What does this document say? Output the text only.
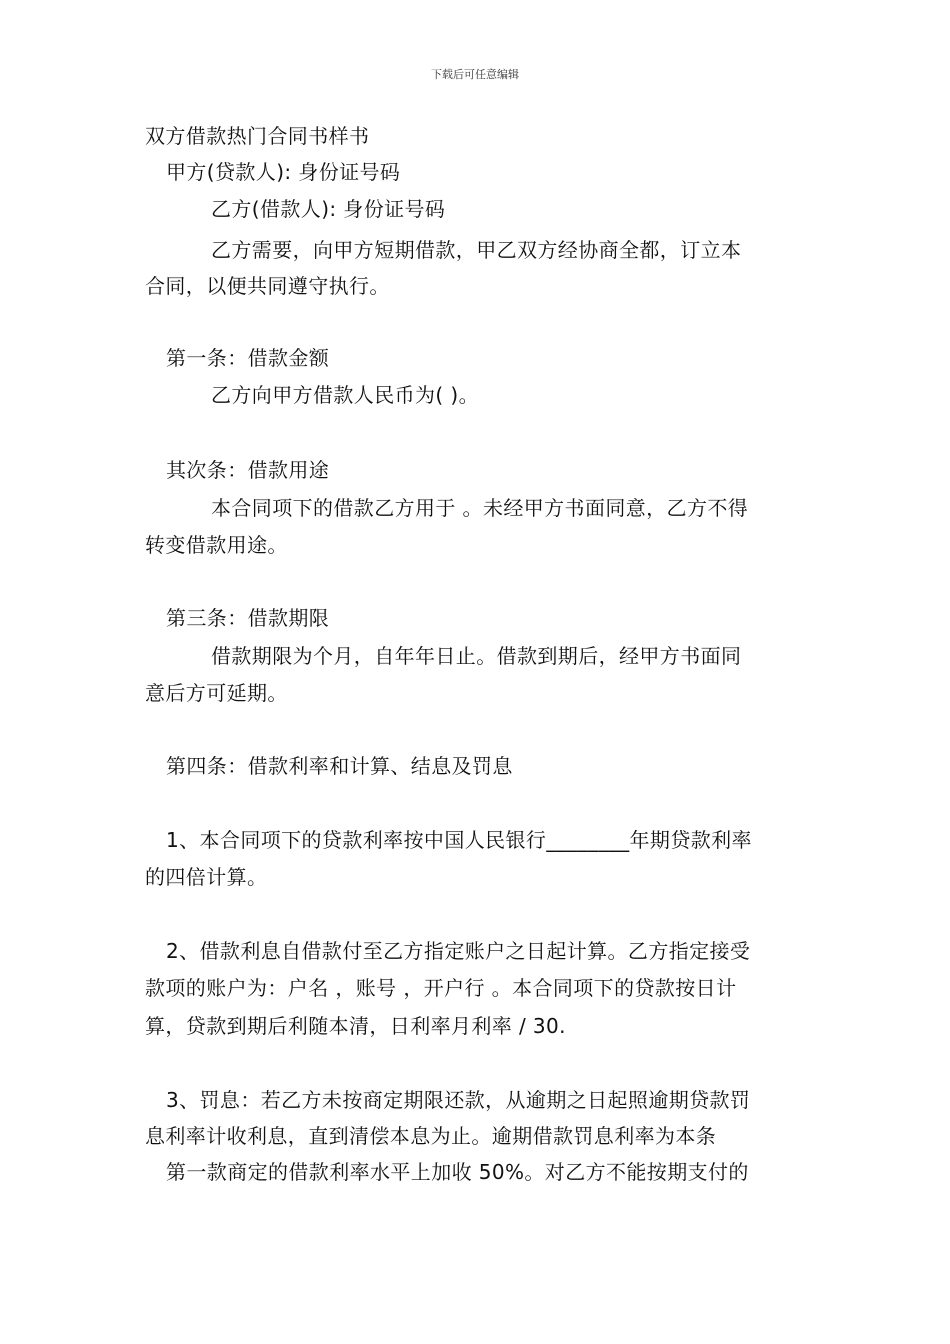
下载后可任意编辑
双方借款热门合同书样书
甲方(贷款人): 身份证号码
乙方(借款人): 身份证号码
乙方需要，向甲方短期借款，甲乙双方经协商全都，订立本
合同，以便共同遵守执行。
第一条：借款金额
乙方向甲方借款人民币为( )。
其次条：借款用途
本合同项下的借款乙方用于 。未经甲方书面同意，乙方不得
转变借款用途。
第三条：借款期限
借款期限为个月，自年年日止。借款到期后，经甲方书面同
意后方可延期。
第四条：借款利率和计算、结息及罚息
1、本合同项下的贷款利率按中国人民银行________年期贷款利率
的四倍计算。
2、借款利息自借款付至乙方指定账户之日起计算。乙方指定接受
款项的账户为：户名 ，账号 ，开户行 。本合同项下的贷款按日计
算，贷款到期后利随本清，日利率月利率 / 30.
3、罚息：若乙方未按商定期限还款，从逾期之日起照逾期贷款罚
息利率计收利息，直到清偿本息为止。逾期借款罚息利率为本条
第一款商定的借款利率水平上加收 50%。对乙方不能按期支付的
